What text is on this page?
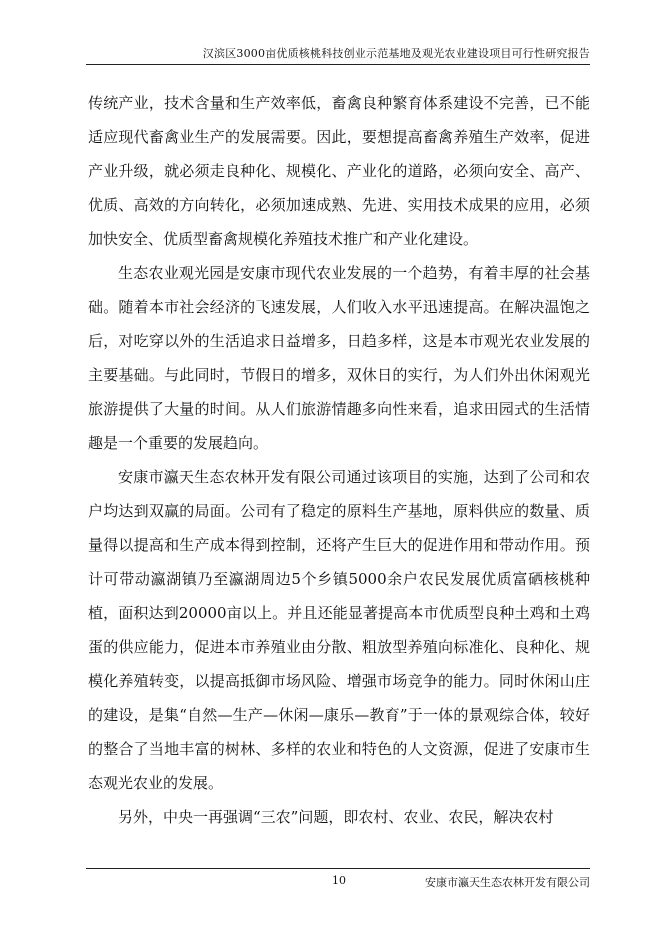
汉滨区3000亩优质核桃科技创业示范基地及观光农业建设项目可行性研究报告

传统产业，技术含量和生产效率低，畜禽良种繁育体系建设不完善，已不能适应现代畜禽业生产的发展需要。因此，要想提高畜禽养殖生产效率，促进产业升级，就必须走良种化、规模化、产业化的道路，必须向安全、高产、优质、高效的方向转化，必须加速成熟、先进、实用技术成果的应用，必须加快安全、优质型畜禽规模化养殖技术推广和产业化建设。

生态农业观光园是安康市现代农业发展的一个趋势，有着丰厚的社会基础。随着本市社会经济的飞速发展，人们收入水平迅速提高。在解决温饱之后，对吃穿以外的生活追求日益增多，日趋多样，这是本市观光农业发展的主要基础。与此同时，节假日的增多，双休日的实行，为人们外出休闲观光旅游提供了大量的时间。从人们旅游情趣多向性来看，追求田园式的生活情趣是一个重要的发展趋向。

安康市瀛天生态农林开发有限公司通过该项目的实施，达到了公司和农户均达到双赢的局面。公司有了稳定的原料生产基地，原料供应的数量、质量得以提高和生产成本得到控制，还将产生巨大的促进作用和带动作用。预计可带动瀛湖镇乃至瀛湖周边5个乡镇5000余户农民发展优质富硒核桃种植，面积达到20000亩以上。并且还能显著提高本市优质型良种土鸡和土鸡蛋的供应能力，促进本市养殖业由分散、粗放型养殖向标准化、良种化、规模化养殖转变，以提高抵御市场风险、增强市场竞争的能力。同时休闲山庄的建设，是集“自然—生产—休闲—康乐—教育”于一体的景观综合体，较好的整合了当地丰富的树林、多样的农业和特色的人文资源，促进了安康市生态观光农业的发展。

另外，中央一再强调“三农”问题，即农村、农业、农民，解决农村

10	安康市瀛天生态农林开发有限公司
